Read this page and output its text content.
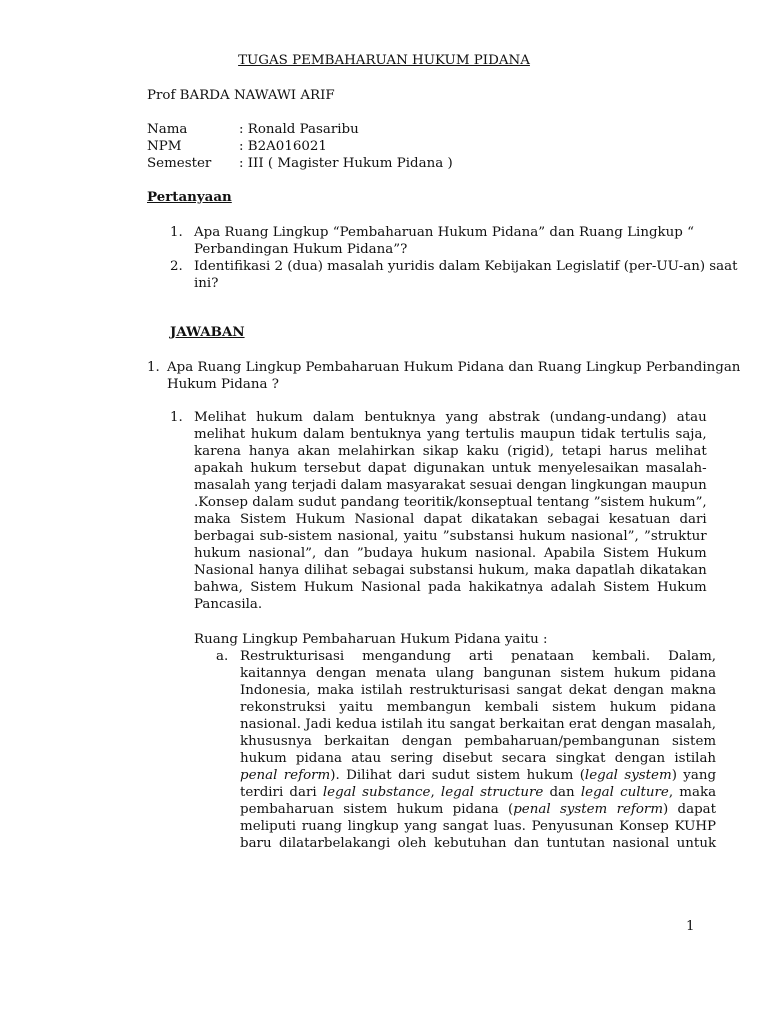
TUGAS PEMBAHARUAN HUKUM PIDANA
Prof BARDA NAWAWI ARIF
Nama	: Ronald Pasaribu
NPM	: B2A016021
Semester	: III ( Magister Hukum Pidana )
Pertanyaan
1. Apa Ruang Lingkup “Pembaharuan Hukum Pidana” dan Ruang Lingkup “
Perbandingan Hukum Pidana”?
2. Identifikasi 2 (dua) masalah yuridis dalam Kebijakan Legislatif (per-UU-an) saat
ini?
JAWABAN
1. Apa Ruang Lingkup Pembaharuan Hukum Pidana dan Ruang Lingkup Perbandingan
Hukum Pidana ?
1. Melihat hukum dalam bentuknya yang abstrak (undang-undang) atau
melihat hukum dalam bentuknya yang tertulis maupun tidak tertulis saja,
karena hanya akan melahirkan sikap kaku (rigid), tetapi harus melihat
apakah hukum tersebut dapat digunakan untuk menyelesaikan masalah-
masalah yang terjadi dalam masyarakat sesuai dengan lingkungan maupun
.Konsep dalam sudut pandang teoritik/konseptual tentang ”sistem hukum”,
maka Sistem Hukum Nasional dapat dikatakan sebagai kesatuan dari
berbagai sub-sistem nasional, yaitu ”substansi hukum nasional”, ”struktur
hukum nasional”, dan ”budaya hukum nasional. Apabila Sistem Hukum
Nasional hanya dilihat sebagai substansi hukum, maka dapatlah dikatakan
bahwa, Sistem Hukum Nasional pada hakikatnya adalah Sistem Hukum
Pancasila.
Ruang Lingkup Pembaharuan Hukum Pidana yaitu :
a. Restrukturisasi mengandung arti penataan kembali. Dalam,
kaitannya dengan menata ulang bangunan sistem hukum pidana
Indonesia, maka istilah restrukturisasi sangat dekat dengan makna
rekonstruksi yaitu membangun kembali sistem hukum pidana
nasional. Jadi kedua istilah itu sangat berkaitan erat dengan masalah,
khususnya berkaitan dengan pembaharuan/pembangunan sistem
hukum pidana atau sering disebut secara singkat dengan istilah
penal reform). Dilihat dari sudut sistem hukum (legal system) yang
terdiri dari legal substance, legal structure dan legal culture, maka
pembaharuan sistem hukum pidana (penal system reform) dapat
meliputi ruang lingkup yang sangat luas. Penyusunan Konsep KUHP
baru dilatarbelakangi oleh kebutuhan dan tuntutan nasional untuk
1
